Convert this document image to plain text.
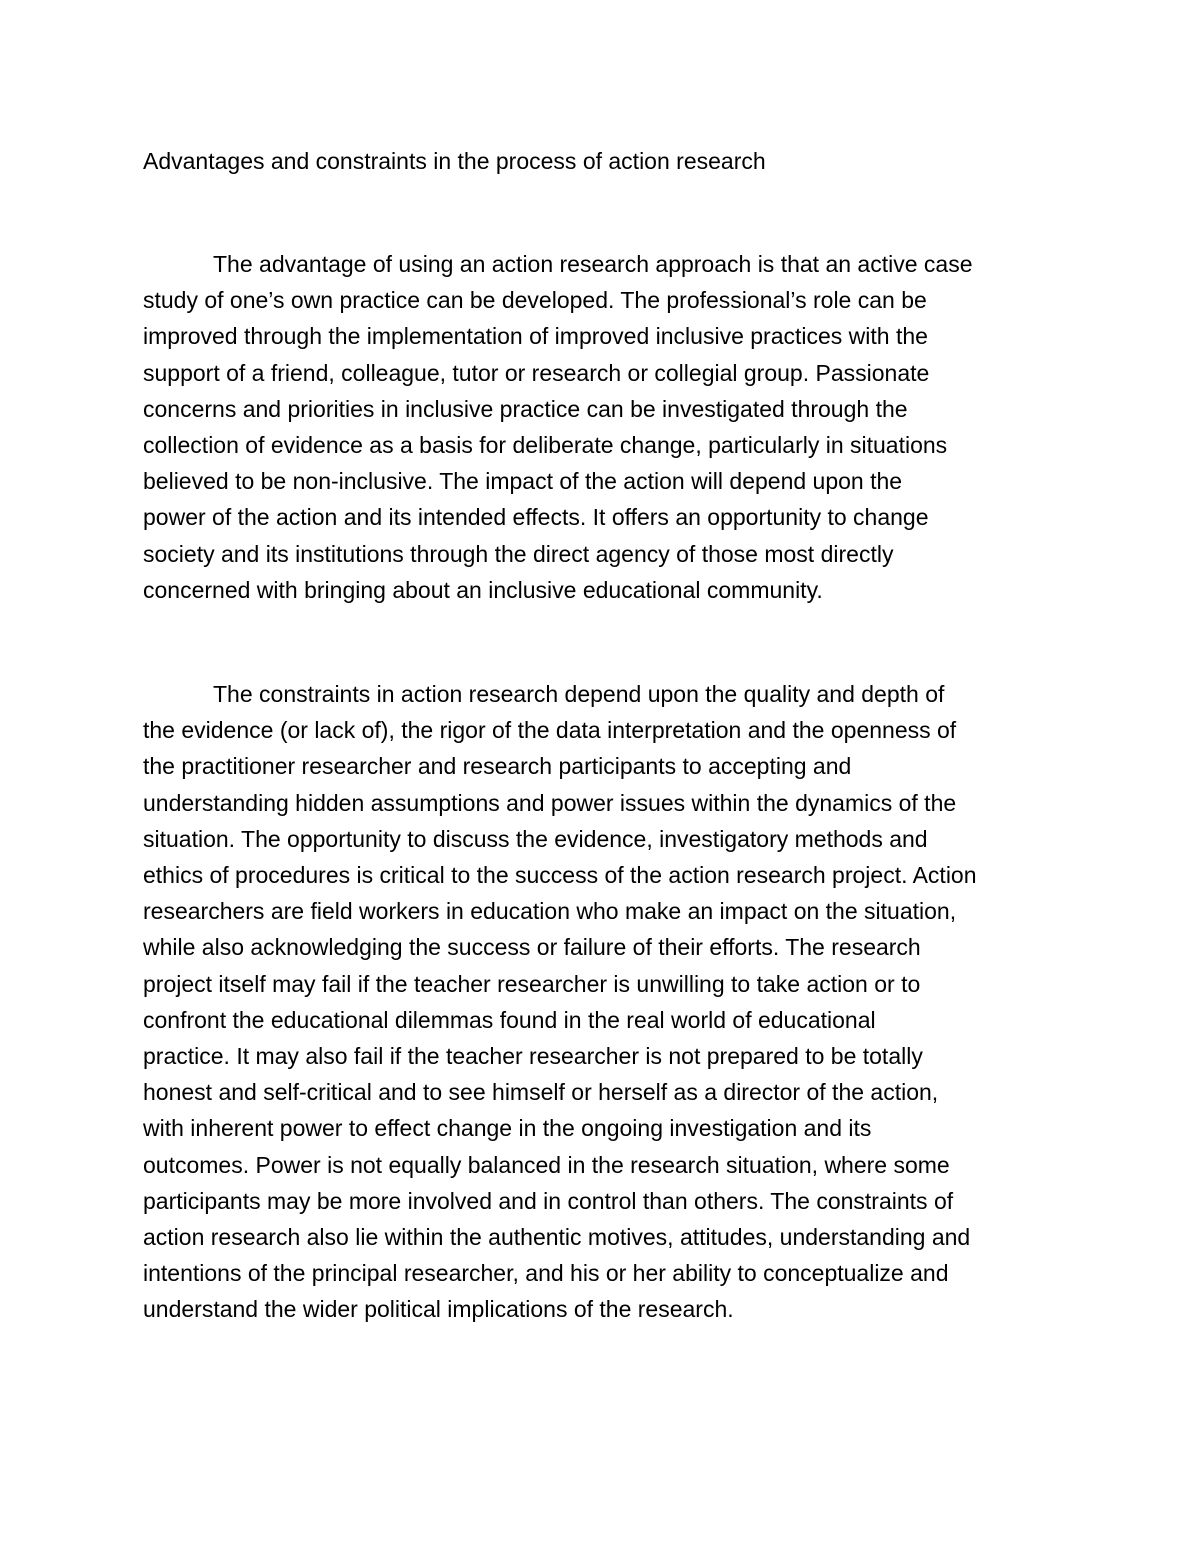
Advantages and constraints in the process of action research
The advantage of using an action research approach is that an active case
study of one’s own practice can be developed. The professional’s role can be
improved through the implementation of improved inclusive practices with the
support of a friend, colleague, tutor or research or collegial group. Passionate
concerns and priorities in inclusive practice can be investigated through the
collection of evidence as a basis for deliberate change, particularly in situations
believed to be non-inclusive. The impact of the action will depend upon the
power of the action and its intended effects. It offers an opportunity to change
society and its institutions through the direct agency of those most directly
concerned with bringing about an inclusive educational community.
The constraints in action research depend upon the quality and depth of
the evidence (or lack of), the rigor of the data interpretation and the openness of
the practitioner researcher and research participants to accepting and
understanding hidden assumptions and power issues within the dynamics of the
situation. The opportunity to discuss the evidence, investigatory methods and
ethics of procedures is critical to the success of the action research project. Action
researchers are field workers in education who make an impact on the situation,
while also acknowledging the success or failure of their efforts. The research
project itself may fail if the teacher researcher is unwilling to take action or to
confront the educational dilemmas found in the real world of educational
practice. It may also fail if the teacher researcher is not prepared to be totally
honest and self-critical and to see himself or herself as a director of the action,
with inherent power to effect change in the ongoing investigation and its
outcomes. Power is not equally balanced in the research situation, where some
participants may be more involved and in control than others. The constraints of
action research also lie within the authentic motives, attitudes, understanding and
intentions of the principal researcher, and his or her ability to conceptualize and
understand the wider political implications of the research.
